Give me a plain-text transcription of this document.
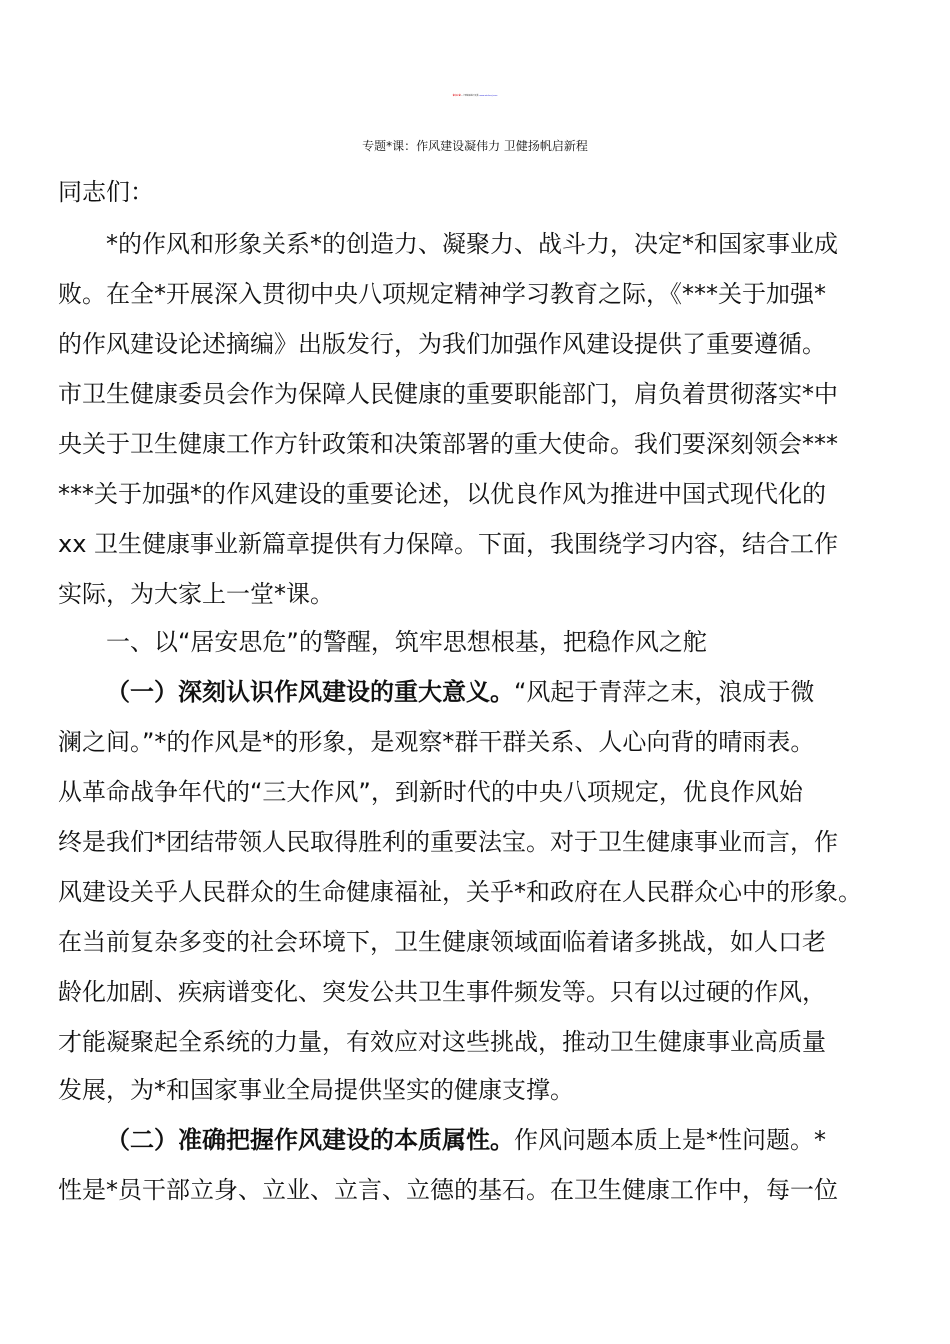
秘书之家—全网资源每日更新 www.mishuzj.com
专题*课：作风建设凝伟力 卫健扬帆启新程
同志们：
*的作风和形象关系*的创造力、凝聚力、战斗力，决定*和国家事业成
败。在全*开展深入贯彻中央八项规定精神学习教育之际，《***关于加强*
的作风建设论述摘编》出版发行，为我们加强作风建设提供了重要遵循。
市卫生健康委员会作为保障人民健康的重要职能部门，肩负着贯彻落实*中
央关于卫生健康工作方针政策和决策部署的重大使命。我们要深刻领会***
***关于加强*的作风建设的重要论述，以优良作风为推进中国式现代化的
xx 卫生健康事业新篇章提供有力保障。下面，我围绕学习内容，结合工作
实际，为大家上一堂*课。
一、以“居安思危”的警醒，筑牢思想根基，把稳作风之舵
（一）深刻认识作风建设的重大意义。“风起于青萍之末，浪成于微
澜之间。”*的作风是*的形象，是观察*群干群关系、人心向背的晴雨表。
从革命战争年代的“三大作风”，到新时代的中央八项规定，优良作风始
终是我们*团结带领人民取得胜利的重要法宝。对于卫生健康事业而言，作
风建设关乎人民群众的生命健康福祉，关乎*和政府在人民群众心中的形象。
在当前复杂多变的社会环境下，卫生健康领域面临着诸多挑战，如人口老
龄化加剧、疾病谱变化、突发公共卫生事件频发等。只有以过硬的作风，
才能凝聚起全系统的力量，有效应对这些挑战，推动卫生健康事业高质量
发展，为*和国家事业全局提供坚实的健康支撑。
（二）准确把握作风建设的本质属性。作风问题本质上是*性问题。*
性是*员干部立身、立业、立言、立德的基石。在卫生健康工作中，每一位
